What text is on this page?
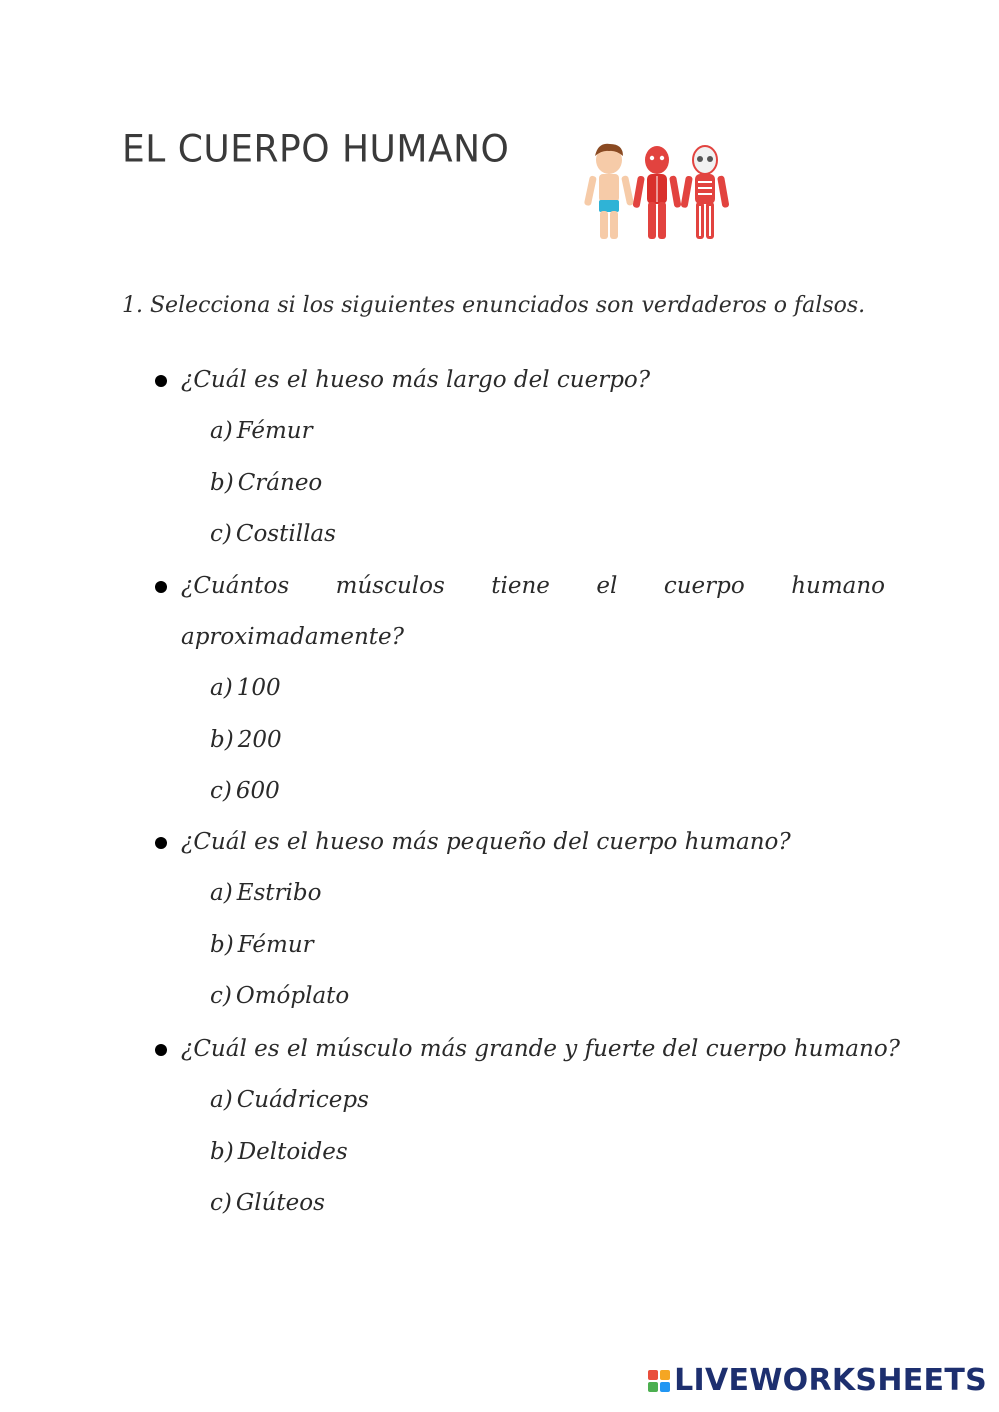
EL CUERPO HUMANO
1. Selecciona si los siguientes enunciados son verdaderos o falsos.
¿Cuál es el hueso más largo del cuerpo?
a) Fémur
b) Cráneo
c) Costillas
¿Cuántos músculos tiene el cuerpo humano
aproximadamente?
a) 100
b) 200
c) 600
¿Cuál es el hueso más pequeño del cuerpo humano?
a) Estribo
b) Fémur
c) Omóplato
¿Cuál es el músculo más grande y fuerte del cuerpo humano?
a) Cuádriceps
b) Deltoides
c) Glúteos
LIVEWORKSHEETS
